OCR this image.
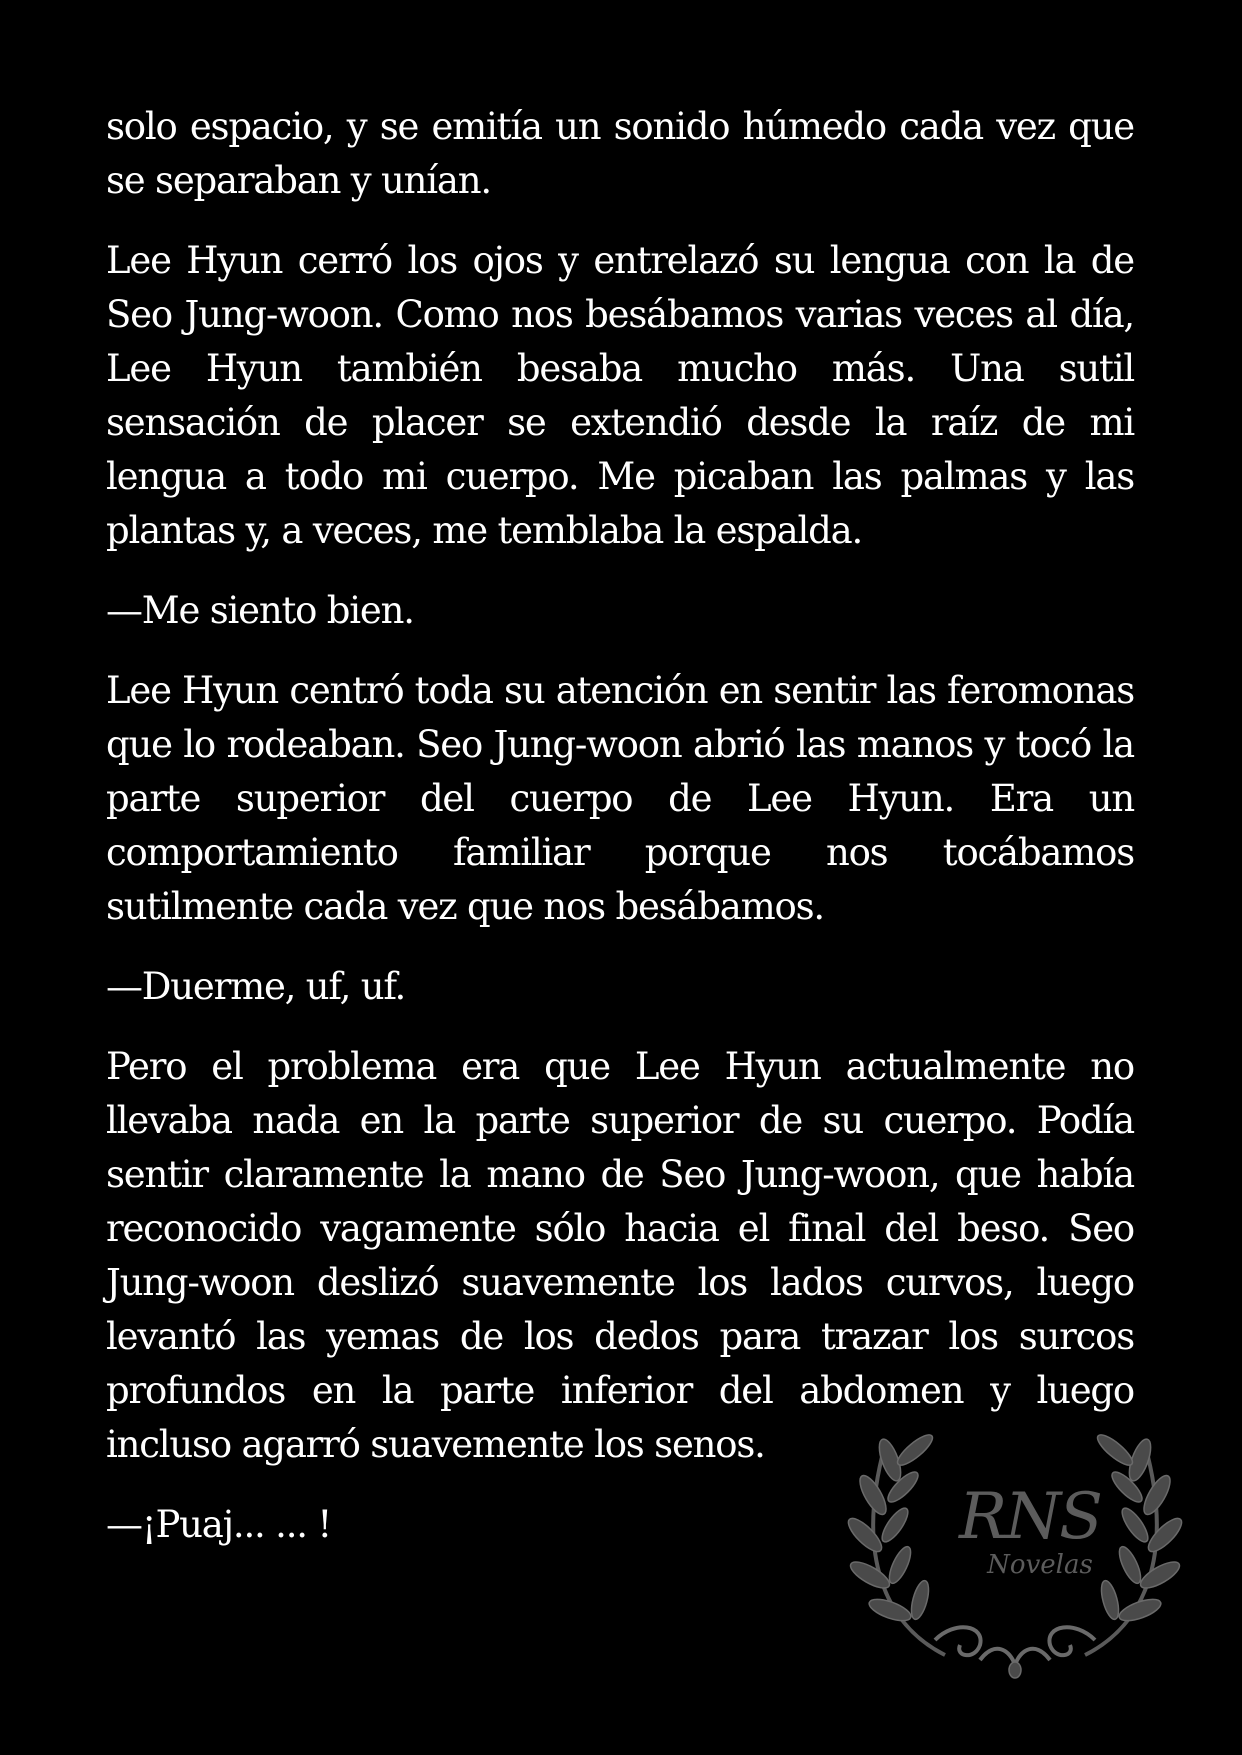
solo espacio, y se emitía un sonido húmedo cada vez que se separaban y unían.

Lee Hyun cerró los ojos y entrelazó su lengua con la de Seo Jung-woon. Como nos besábamos varias veces al día, Lee Hyun también besaba mucho más. Una sutil sensación de placer se extendió desde la raíz de mi lengua a todo mi cuerpo. Me picaban las palmas y las plantas y, a veces, me temblaba la espalda.

—Me siento bien.

Lee Hyun centró toda su atención en sentir las feromonas que lo rodeaban. Seo Jung-woon abrió las manos y tocó la parte superior del cuerpo de Lee Hyun. Era un comportamiento familiar porque nos tocábamos sutilmente cada vez que nos besábamos.

—Duerme, uf, uf.

Pero el problema era que Lee Hyun actualmente no llevaba nada en la parte superior de su cuerpo. Podía sentir claramente la mano de Seo Jung-woon, que había reconocido vagamente sólo hacia el final del beso. Seo Jung-woon deslizó suavemente los lados curvos, luego levantó las yemas de los dedos para trazar los surcos profundos en la parte inferior del abdomen y luego incluso agarró suavemente los senos.

—¡Puaj... ... !	RNS
Novelas
